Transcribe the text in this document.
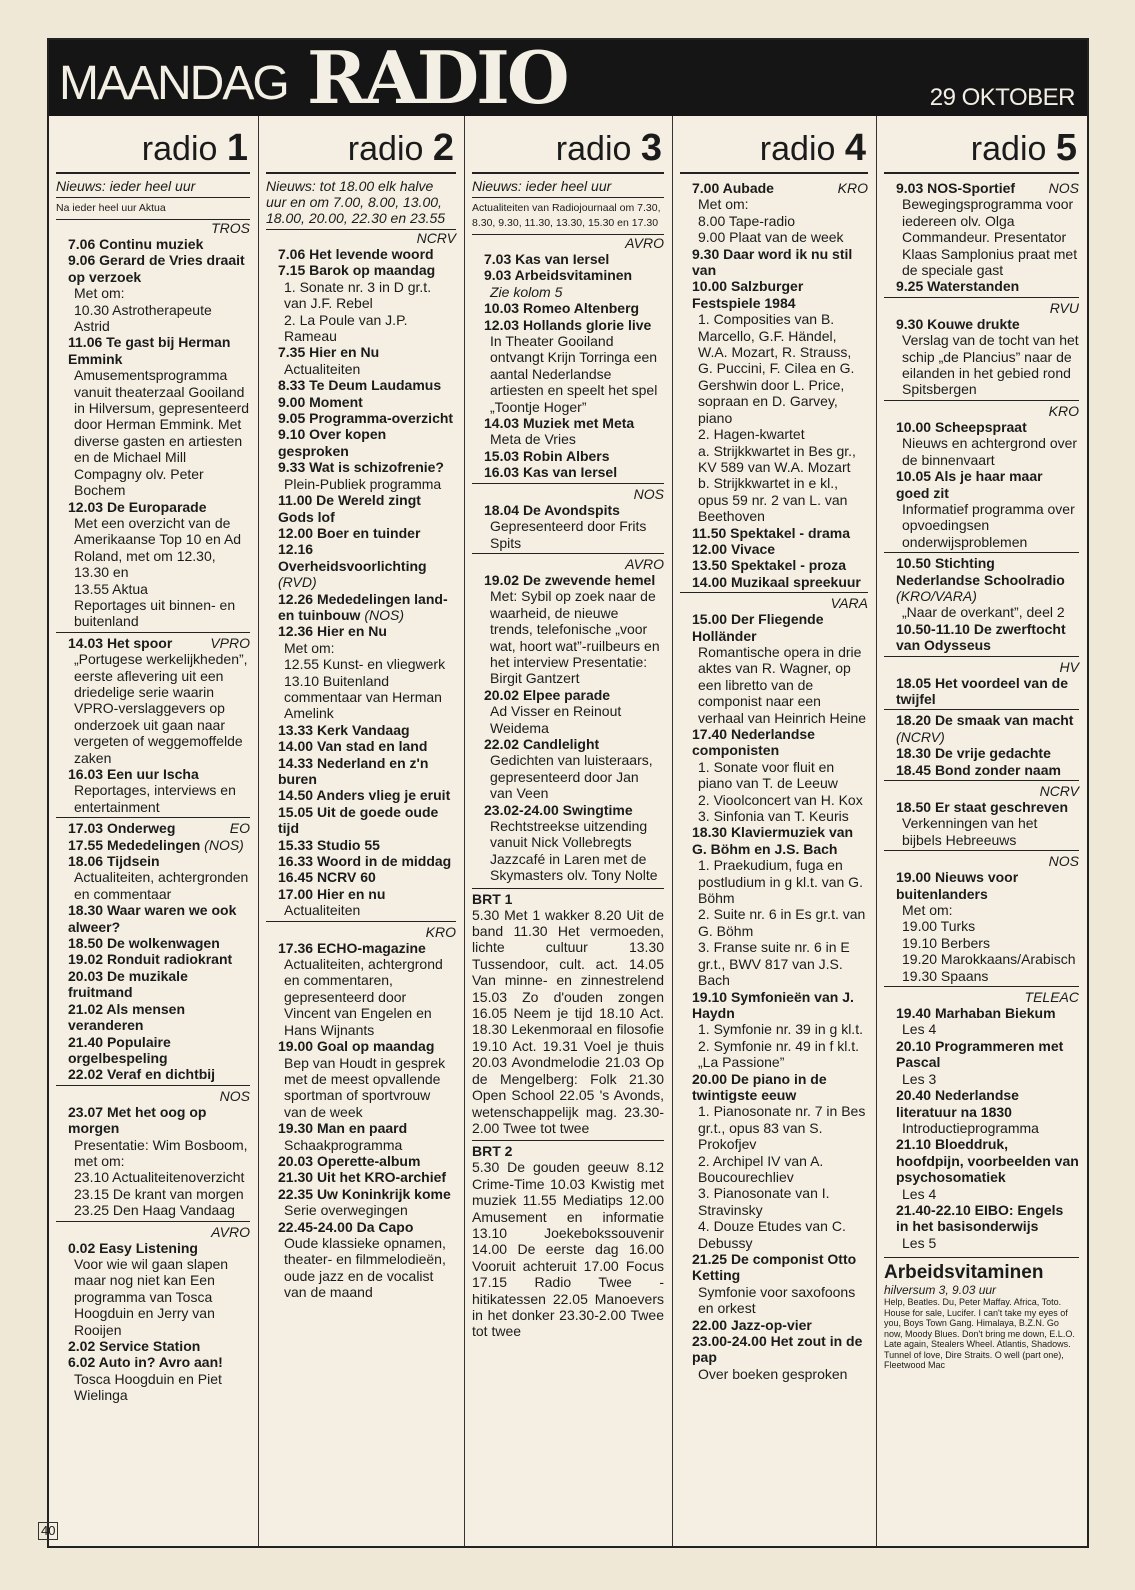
MAANDAG RADIO	29 OKTOBER
radio 1
Nieuws: ieder heel uur
Na ieder heel uur Aktua
TROS
7.06 Continu muziek
9.06 Gerard de Vries draait op verzoek
Met om:
10.30 Astrotherapeute Astrid
11.06 Te gast bij Herman Emmink
Amusementsprogramma vanuit theaterzaal Gooiland in Hilversum, gepresenteerd door Herman Emmink. Met diverse gasten en artiesten en de Michael Mill Compagny olv. Peter Bochem
12.03 De Europarade
Met een overzicht van de Amerikaanse Top 10 en Ad Roland, met om 12.30, 13.30 en
13.55 Aktua
Reportages uit binnen- en buitenland
14.03 Het spoor	VPRO
„Portugese werkelijkheden”, eerste aflevering uit een driedelige serie waarin VPRO-verslaggevers op onderzoek uit gaan naar vergeten of weggemoffelde zaken
16.03 Een uur Ischa
Reportages, interviews en entertainment
17.03 Onderweg	EO
17.55 Mededelingen (NOS)
18.06 Tijdsein
Actualiteiten, achtergronden en commentaar
18.30 Waar waren we ook alweer?
18.50 De wolkenwagen
19.02 Ronduit radiokrant
20.03 De muzikale fruitmand
21.02 Als mensen veranderen
21.40 Populaire orgelbespeling
22.02 Veraf en dichtbij
NOS
23.07 Met het oog op morgen
Presentatie: Wim Bosboom, met om:
23.10 Actualiteitenoverzicht
23.15 De krant van morgen
23.25 Den Haag Vandaag
AVRO
0.02 Easy Listening
Voor wie wil gaan slapen maar nog niet kan Een programma van Tosca Hoogduin en Jerry van Rooijen
2.02 Service Station
6.02 Auto in? Avro aan!
Tosca Hoogduin en Piet Wielinga
radio 2
Nieuws: tot 18.00 elk halve uur en om 7.00, 8.00, 13.00, 18.00, 20.00, 22.30 en 23.55
NCRV
7.06 Het levende woord
7.15 Barok op maandag
1. Sonate nr. 3 in D gr.t. van J.F. Rebel
2. La Poule van J.P. Rameau
7.35 Hier en Nu
Actualiteiten
8.33 Te Deum Laudamus
9.00 Moment
9.05 Programma-overzicht
9.10 Over kopen gesproken
9.33 Wat is schizofrenie?
Plein-Publiek programma
11.00 De Wereld zingt Gods lof
12.00 Boer en tuinder
12.16 Overheidsvoorlichting (RVD)
12.26 Mededelingen land- en tuinbouw (NOS)
12.36 Hier en Nu
Met om:
12.55 Kunst- en vliegwerk
13.10 Buitenland commentaar van Herman Amelink
13.33 Kerk Vandaag
14.00 Van stad en land
14.33 Nederland en z'n buren
14.50 Anders vlieg je eruit
15.05 Uit de goede oude tijd
15.33 Studio 55
16.33 Woord in de middag
16.45 NCRV 60
17.00 Hier en nu
Actualiteiten
KRO
17.36 ECHO-magazine
Actualiteiten, achtergrond en commentaren, gepresenteerd door Vincent van Engelen en Hans Wijnants
19.00 Goal op maandag
Bep van Houdt in gesprek met de meest opvallende sportman of sportvrouw van de week
19.30 Man en paard
Schaakprogramma
20.03 Operette-album
21.30 Uit het KRO-archief
22.35 Uw Koninkrijk kome
Serie overwegingen
22.45-24.00 Da Capo
Oude klassieke opnamen, theater- en filmmelodieën, oude jazz en de vocalist van de maand
radio 3
Nieuws: ieder heel uur
Actualiteiten van Radiojournaal om 7.30, 8.30, 9.30, 11.30, 13.30, 15.30 en 17.30
AVRO
7.03 Kas van Iersel
9.03 Arbeidsvitaminen
Zie kolom 5
10.03 Romeo Altenberg
12.03 Hollands glorie live
In Theater Gooiland ontvangt Krijn Torringa een aantal Nederlandse artiesten en speelt het spel „Toontje Hoger”
14.03 Muziek met Meta
Meta de Vries
15.03 Robin Albers
16.03 Kas van Iersel
NOS
18.04 De Avondspits
Gepresenteerd door Frits Spits
AVRO
19.02 De zwevende hemel
Met: Sybil op zoek naar de waarheid, de nieuwe trends, telefonische „voor wat, hoort wat”-ruilbeurs en het interview Presentatie: Birgit Gantzert
20.02 Elpee parade
Ad Visser en Reinout Weidema
22.02 Candlelight
Gedichten van luisteraars, gepresenteerd door Jan van Veen
23.02-24.00 Swingtime
Rechtstreekse uitzending vanuit Nick Vollebregts Jazzcafé in Laren met de Skymasters olv. Tony Nolte
BRT 1
5.30 Met 1 wakker 8.20 Uit de band 11.30 Het vermoeden, lichte cultuur 13.30 Tussendoor, cult. act. 14.05 Van minne- en zinnestrelend 15.03 Zo d'ouden zongen 16.05 Neem je tijd 18.10 Act. 18.30 Lekenmoraal en filosofie 19.10 Act. 19.31 Voel je thuis 20.03 Avondmelodie 21.03 Op de Mengelberg: Folk 21.30 Open School 22.05 's Avonds, wetenschappelijk mag. 23.30-2.00 Twee tot twee
BRT 2
5.30 De gouden geeuw 8.12 Crime-Time 10.03 Kwistig met muziek 11.55 Mediatips 12.00 Amusement en informatie 13.10 Joekebokssouvenir 14.00 De eerste dag 16.00 Vooruit achteruit 17.00 Focus 17.15 Radio Twee - hitikatessen 22.05 Manoevers in het donker 23.30-2.00 Twee tot twee
radio 4
7.00 Aubade	KRO
Met om:
8.00 Tape-radio
9.00 Plaat van de week
9.30 Daar word ik nu stil van
10.00 Salzburger Festspiele 1984
1. Composities van B. Marcello, G.F. Händel, W.A. Mozart, R. Strauss, G. Puccini, F. Cilea en G. Gershwin door L. Price, sopraan en D. Garvey, piano
2. Hagen-kwartet
a. Strijkkwartet in Bes gr., KV 589 van W.A. Mozart
b. Strijkkwartet in e kl., opus 59 nr. 2 van L. van Beethoven
11.50 Spektakel - drama
12.00 Vivace
13.50 Spektakel - proza
14.00 Muzikaal spreekuur
VARA
15.00 Der Fliegende Holländer
Romantische opera in drie aktes van R. Wagner, op een libretto van de componist naar een verhaal van Heinrich Heine
17.40 Nederlandse componisten
1. Sonate voor fluit en piano van T. de Leeuw
2. Vioolconcert van H. Kox
3. Sinfonia van T. Keuris
18.30 Klaviermuziek van G. Böhm en J.S. Bach
1. Praekudium, fuga en postludium in g kl.t. van G. Böhm
2. Suite nr. 6 in Es gr.t. van G. Böhm
3. Franse suite nr. 6 in E gr.t., BWV 817 van J.S. Bach
19.10 Symfonieën van J. Haydn
1. Symfonie nr. 39 in g kl.t.
2. Symfonie nr. 49 in f kl.t. „La Passione”
20.00 De piano in de twintigste eeuw
1. Pianosonate nr. 7 in Bes gr.t., opus 83 van S. Prokofjev
2. Archipel IV van A. Boucourechliev
3. Pianosonate van I. Stravinsky
4. Douze Etudes van C. Debussy
21.25 De componist Otto Ketting
Symfonie voor saxofoons en orkest
22.00 Jazz-op-vier
23.00-24.00 Het zout in de pap
Over boeken gesproken
radio 5
9.03 NOS-Sportief NOS
Bewegingsprogramma voor iedereen olv. Olga Commandeur. Presentator Klaas Samplonius praat met de speciale gast
9.25 Waterstanden
RVU
9.30 Kouwe drukte
Verslag van de tocht van het schip „de Plancius” naar de eilanden in het gebied rond Spitsbergen
KRO
10.00 Scheepspraat
Nieuws en achtergrond over de binnenvaart
10.05 Als je haar maar goed zit
Informatief programma over opvoedingsen onderwijsproblemen
10.50 Stichting Nederlandse Schoolradio (KRO/VARA)
„Naar de overkant”, deel 2
10.50-11.10 De zwerftocht van Odysseus
HV
18.05 Het voordeel van de twijfel
18.20 De smaak van macht (NCRV)
18.30 De vrije gedachte
18.45 Bond zonder naam
NCRV
18.50 Er staat geschreven
Verkenningen van het bijbels Hebreeuws
NOS
19.00 Nieuws voor buitenlanders
Met om:
19.00 Turks
19.10 Berbers
19.20 Marokkaans/Arabisch
19.30 Spaans
TELEAC
19.40 Marhaban Biekum
Les 4
20.10 Programmeren met Pascal
Les 3
20.40 Nederlandse literatuur na 1830
Introductieprogramma
21.10 Bloeddruk, hoofdpijn, voorbeelden van psychosomatiek
Les 4
21.40-22.10 EIBO: Engels in het basisonderwijs
Les 5
Arbeidsvitaminen
hilversum 3, 9.03 uur
Help, Beatles. Du, Peter Maffay. Africa, Toto. House for sale, Lucifer. I can't take my eyes of you, Boys Town Gang. Himalaya, B.Z.N. Go now, Moody Blues. Don't bring me down, E.L.O. Late again, Stealers Wheel. Atlantis, Shadows. Tunnel of love, Dire Straits. O well (part one), Fleetwood Mac
40
